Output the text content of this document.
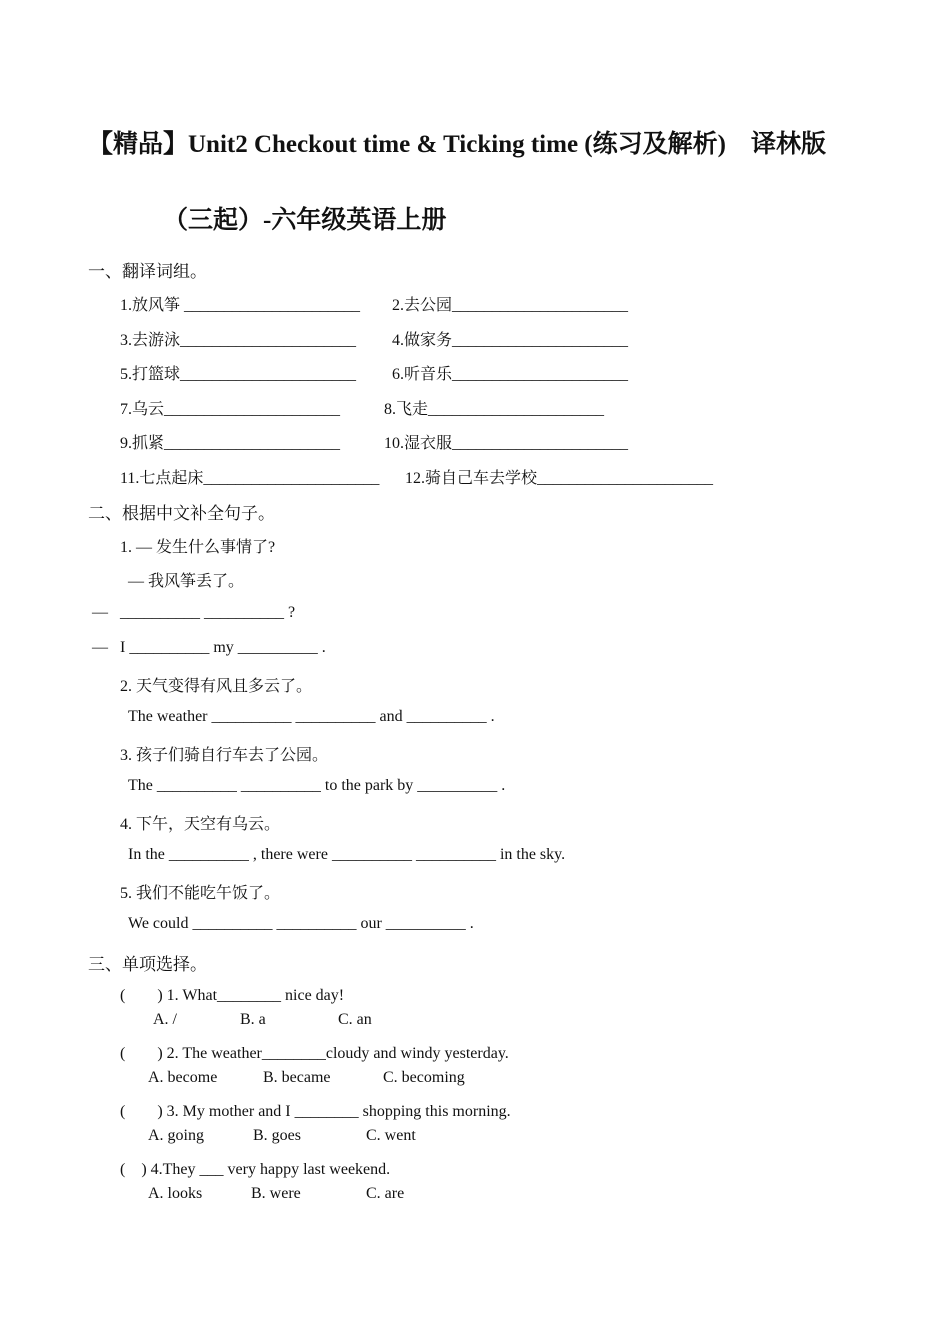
【精品】Unit2 Checkout time & Ticking time (练习及解析)　译林版
（三起）-六年级英语上册
一、翻译词组。
1.放风筝 ______________________ 2.去公园______________________
3.去游泳______________________ 4.做家务______________________
5.打篮球______________________ 6.听音乐______________________
7.乌云______________________	8.飞走______________________
9.抓紧______________________	10.湿衣服______________________
11.七点起床______________________ 12.骑自己车去学校______________________
二、根据中文补全句子。
1. — 发生什么事情了?
— 我风筝丢了。
— __________ __________ ?
— I __________ my __________ .
2. 天气变得有风且多云了。
The weather __________ __________ and __________ .
3. 孩子们骑自行车去了公园。
The __________ __________ to the park by __________ .
4. 下午，天空有乌云。
In the __________ , there were __________ __________ in the sky.
5. 我们不能吃午饭了。
We could __________ __________ our __________ .
三、单项选择。
(　　) 1. What________ nice day!
A. /	B. a	C. an
(　　) 2. The weather________cloudy and windy yesterday.
A. become	B. became	C. becoming
(　　) 3. My mother and I ________ shopping this morning.
A. going	B. goes	C. went
(　) 4.They ___ very happy last weekend.
A. looks	B. were	C. are
